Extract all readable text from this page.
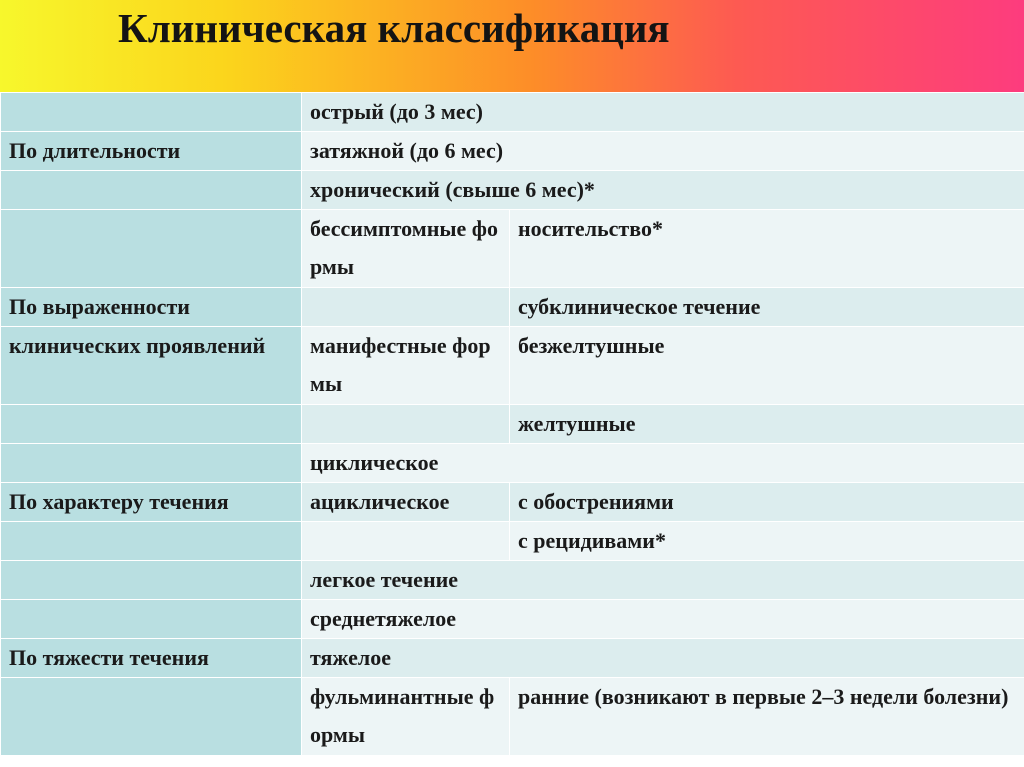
Клиническая классификация
	острый (до 3 мес)	
По длительности	затяжной (до 6 мес)	
	хронический (свыше 6 мес)*	
	бессимптомные формы	носительство*
По выраженности		субклиническое течение
клинических проявлений	манифестные формы	безжелтушные
		желтушные
	циклическое	
По характеру течения	ациклическое	с обострениями
		с рецидивами*
	легкое течение	
	среднетяжелое	
По тяжести течения	тяжелое	
	фульминантные формы	ранние (возникают в первые 2–3 недели болезни)
